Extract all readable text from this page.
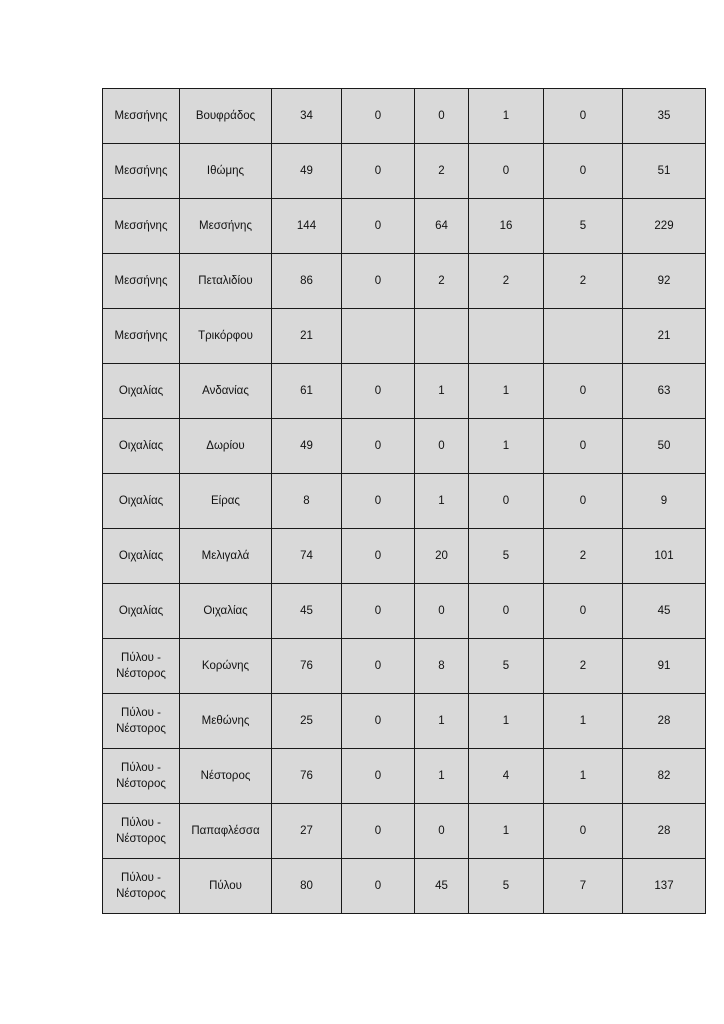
Μεσσήνης	Βουφράδος	34	0	0	1	0	35
Μεσσήνης	Ιθώμης	49	0	2	0	0	51
Μεσσήνης	Μεσσήνης	144	0	64	16	5	229
Μεσσήνης	Πεταλιδίου	86	0	2	2	2	92
Μεσσήνης	Τρικόρφου	21					21
Οιχαλίας	Ανδανίας	61	0	1	1	0	63
Οιχαλίας	Δωρίου	49	0	0	1	0	50
Οιχαλίας	Είρας	8	0	1	0	0	9
Οιχαλίας	Μελιγαλά	74	0	20	5	2	101
Οιχαλίας	Οιχαλίας	45	0	0	0	0	45
Πύλου - Νέστορος	Κορώνης	76	0	8	5	2	91
Πύλου - Νέστορος	Μεθώνης	25	0	1	1	1	28
Πύλου - Νέστορος	Νέστορος	76	0	1	4	1	82
Πύλου - Νέστορος	Παπαφλέσσα	27	0	0	1	0	28
Πύλου - Νέστορος	Πύλου	80	0	45	5	7	137
